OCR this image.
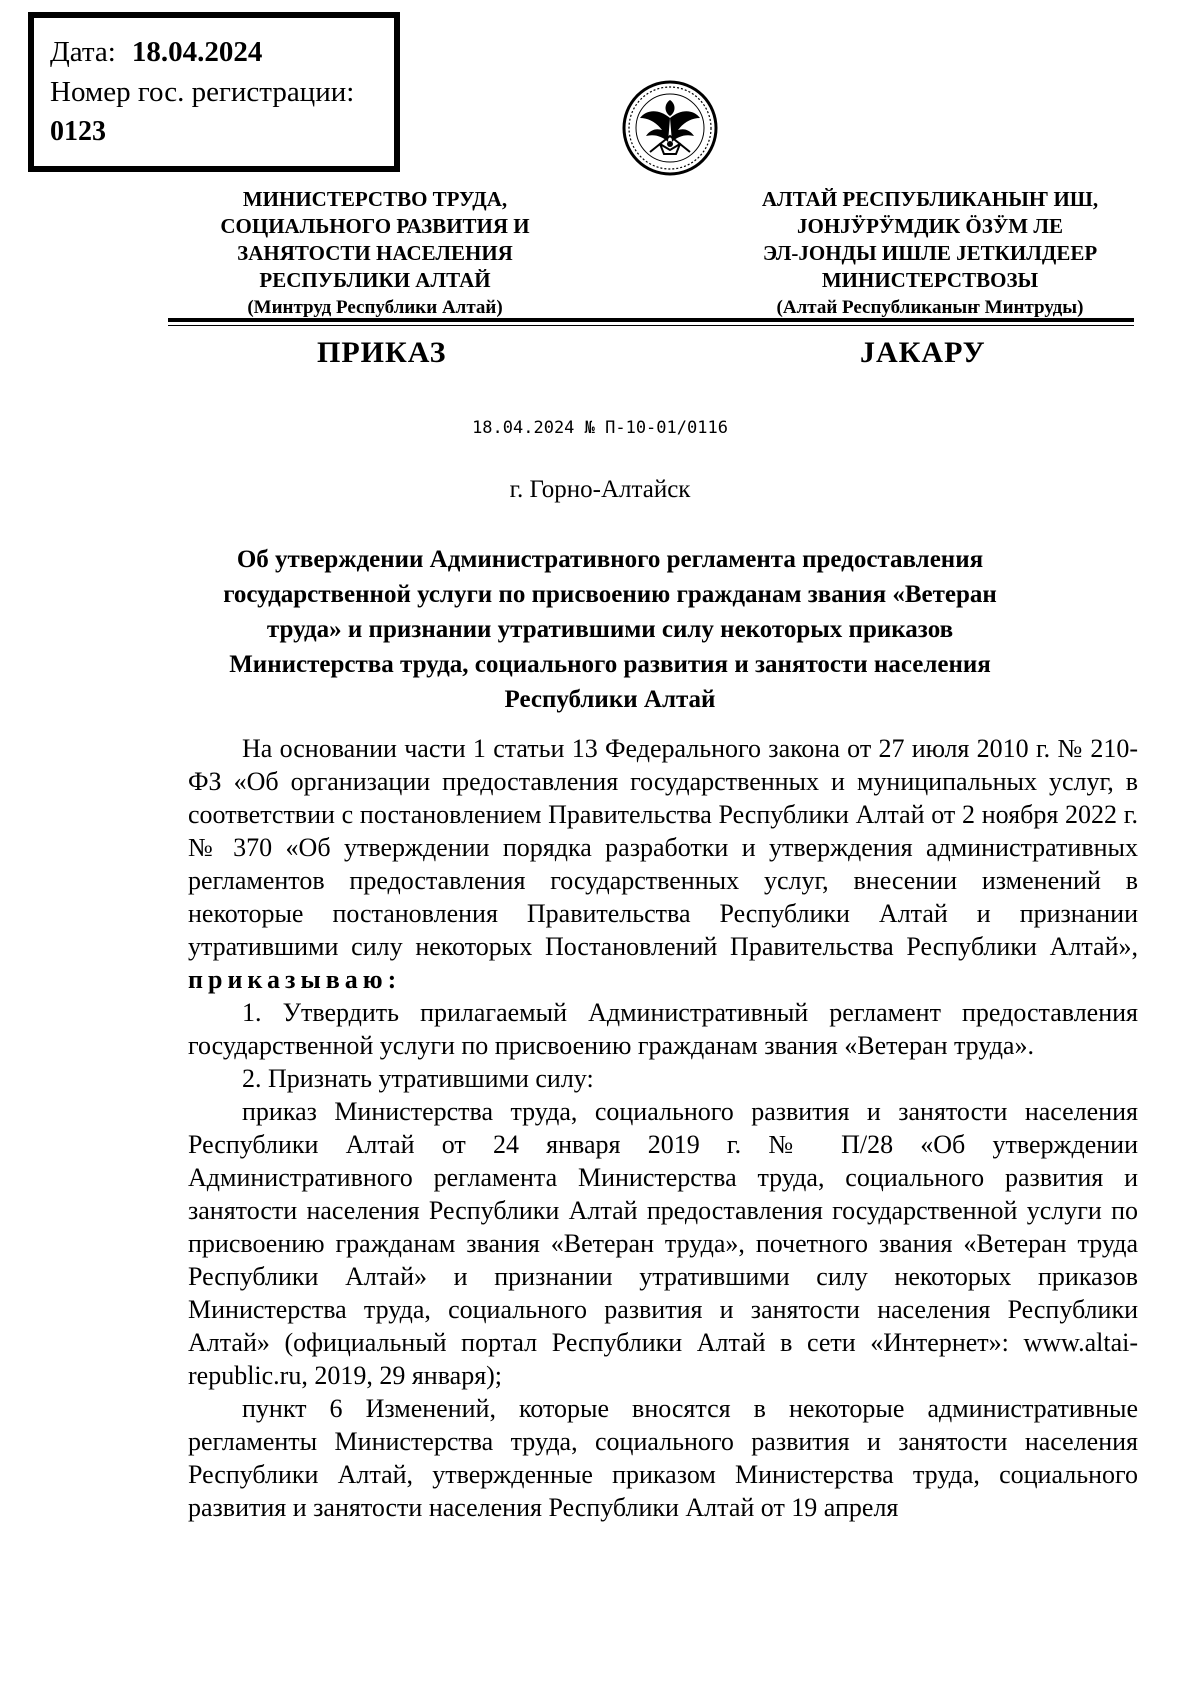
Дата: 18.04.2024
Номер гос. регистрации:
0123
МИНИСТЕРСТВО ТРУДА,
СОЦИАЛЬНОГО РАЗВИТИЯ И
ЗАНЯТОСТИ НАСЕЛЕНИЯ
РЕСПУБЛИКИ АЛТАЙ
(Минтруд Республики Алтай)
АЛТАЙ РЕСПУБЛИКАНЫҤ ИШ,
ЈОНЈӰРӰМДИК ӦЗӰМ ЛЕ
ЭЛ-ЈОНДЫ ИШЛЕ ЈЕТКИЛДЕЕР
МИНИСТЕРСТВОЗЫ
(Алтай Республиканыҥ Минтруды)
ПРИКАЗ	ЈАКАРУ
18.04.2024 № П-10-01/0116
г. Горно-Алтайск
Об утверждении Административного регламента предоставления
государственной услуги по присвоению гражданам звания «Ветеран
труда» и признании утратившими силу некоторых приказов
Министерства труда, социального развития и занятости населения
Республики Алтай

На основании части 1 статьи 13 Федерального закона от 27 июля 2010 г. № 210-ФЗ «Об организации предоставления государственных и муниципальных услуг, в соответствии с постановлением Правительства Республики Алтай от 2 ноября 2022 г. № 370 «Об утверждении порядка разработки и утверждения административных регламентов предоставления государственных услуг, внесении изменений в некоторые постановления Правительства Республики Алтай и признании утратившими силу некоторых Постановлений Правительства Республики Алтай», приказываю:

1. Утвердить прилагаемый Административный регламент предоставления государственной услуги по присвоению гражданам звания «Ветеран труда».

2. Признать утратившими силу:

приказ Министерства труда, социального развития и занятости населения Республики Алтай от 24 января 2019 г. № П/28 «Об утверждении Административного регламента Министерства труда, социального развития и занятости населения Республики Алтай предоставления государственной услуги по присвоению гражданам звания «Ветеран труда», почетного звания «Ветеран труда Республики Алтай» и признании утратившими силу некоторых приказов Министерства труда, социального развития и занятости населения Республики Алтай» (официальный портал Республики Алтай в сети «Интернет»: www.altai-republic.ru, 2019, 29 января);

пункт 6 Изменений, которые вносятся в некоторые административные регламенты Министерства труда, социального развития и занятости населения Республики Алтай, утвержденные приказом Министерства труда, социального развития и занятости населения Республики Алтай от 19 апреля
